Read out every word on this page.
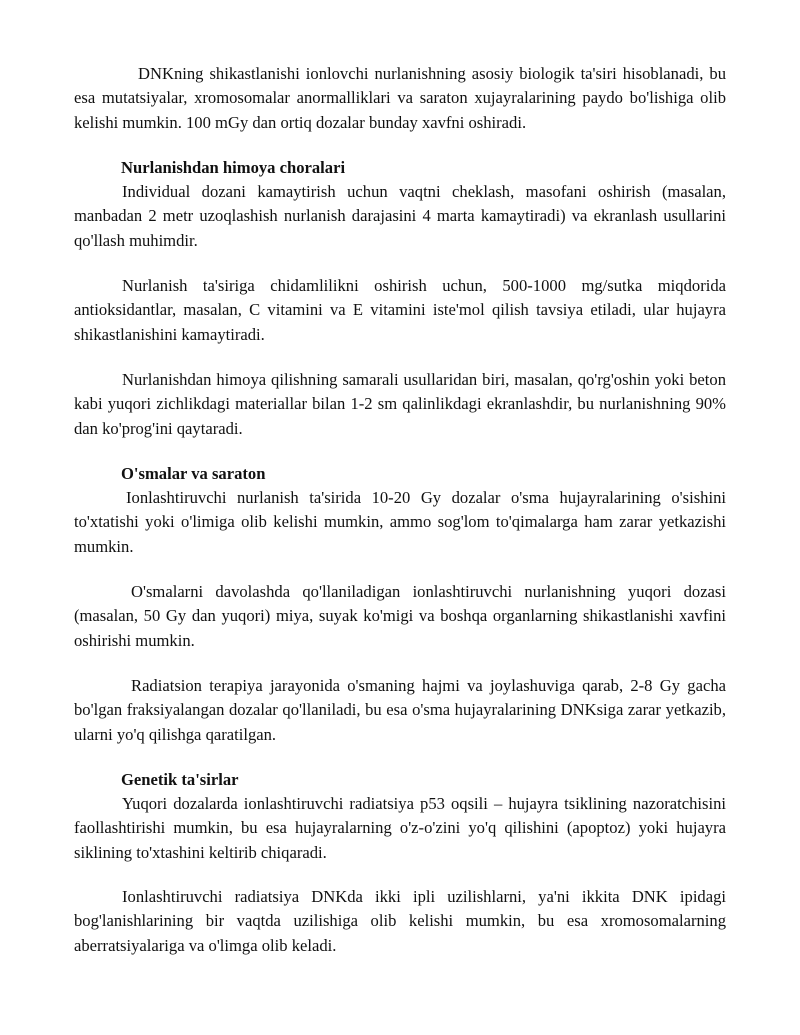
DNKning shikastlanishi ionlovchi nurlanishning asosiy biologik ta'siri hisoblanadi, bu esa mutatsiyalar, xromosomalar anormalliklari va saraton xujayralarining paydo bo'lishiga olib kelishi mumkin. 100 mGy dan ortiq dozalar bunday xavfni oshiradi.

Nurlanishdan himoya choralari

Individual dozani kamaytirish uchun vaqtni cheklash, masofani oshirish (masalan, manbadan 2 metr uzoqlashish nurlanish darajasini 4 marta kamaytiradi) va ekranlash usullarini qo'llash muhimdir.

Nurlanish ta'siriga chidamlilikni oshirish uchun, 500-1000 mg/sutka miqdorida antioksidantlar, masalan, C vitamini va E vitamini iste'mol qilish tavsiya etiladi, ular hujayra shikastlanishini kamaytiradi.

Nurlanishdan himoya qilishning samarali usullaridan biri, masalan, qo'rg'oshin yoki beton kabi yuqori zichlikdagi materiallar bilan 1-2 sm qalinlikdagi ekranlashdir, bu nurlanishning 90% dan ko'prog'ini qaytaradi.

O'smalar va saraton

Ionlashtiruvchi nurlanish ta'sirida 10-20 Gy dozalar o'sma hujayralarining o'sishini to'xtatishi yoki o'limiga olib kelishi mumkin, ammo sog'lom to'qimalarga ham zarar yetkazishi mumkin.

O'smalarni davolashda qo'llaniladigan ionlashtiruvchi nurlanishning yuqori dozasi (masalan, 50 Gy dan yuqori) miya, suyak ko'migi va boshqa organlarning shikastlanishi xavfini oshirishi mumkin.

Radiatsion terapiya jarayonida o'smaning hajmi va joylashuviga qarab, 2-8 Gy gacha bo'lgan fraksiyalangan dozalar qo'llaniladi, bu esa o'sma hujayralarining DNKsiga zarar yetkazib, ularni yo'q qilishga qaratilgan.

Genetik ta'sirlar

Yuqori dozalarda ionlashtiruvchi radiatsiya p53 oqsili – hujayra tsiklining nazoratchisini faollashtirishi mumkin, bu esa hujayralarning o'z-o'zini yo'q qilishini (apoptoz) yoki hujayra siklining to'xtashini keltirib chiqaradi.

Ionlashtiruvchi radiatsiya DNKda ikki ipli uzilishlarni, ya'ni ikkita DNK ipidagi bog'lanishlarining bir vaqtda uzilishiga olib kelishi mumkin, bu esa xromosomalarning aberratsiyalariga va o'limga olib keladi.
